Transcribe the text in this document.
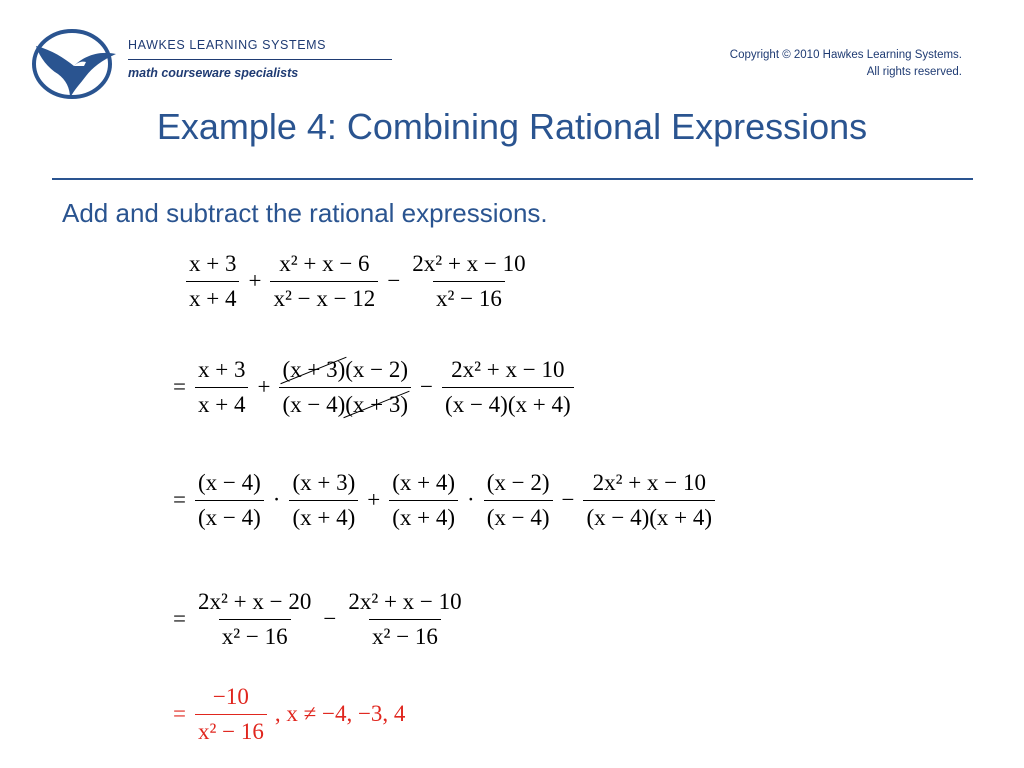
HAWKES LEARNING SYSTEMS
math courseware specialists
Copyright © 2010 Hawkes Learning Systems.
All rights reserved.
Example 4: Combining Rational Expressions
Add and subtract the rational expressions.
$\frac{x + 3}{x + 4} + \frac{\text{x² + x − 6}}{\text{x² − x − 12}} - \frac{\text{2x² + x − 10}}{\text{x² − 16}}$
= $\frac{x + 3}{x + 4} + \frac{(x + 3)(x - 2)}{(x - 4)(x + 3)} - \frac{\text{2x² + x − 10}}{(x - 4)(x + 4)}$
= $\frac{(x - 4)}{(x - 4)} \cdot \frac{(x + 3)}{(x + 4)} + \frac{(x + 4)}{(x + 4)} \cdot \frac{(x - 2)}{(x - 4)} - \frac{\text{2x² + x − 10}}{(x - 4)(x + 4)}$
= $\frac{\text{2x² + x − 20}}{\text{x² − 16}} - \frac{\text{2x² + x − 10}}{\text{x² − 16}}$
= $\frac{-10}{\text{x² − 16}}$ , x ≠ −4, −3, 4
